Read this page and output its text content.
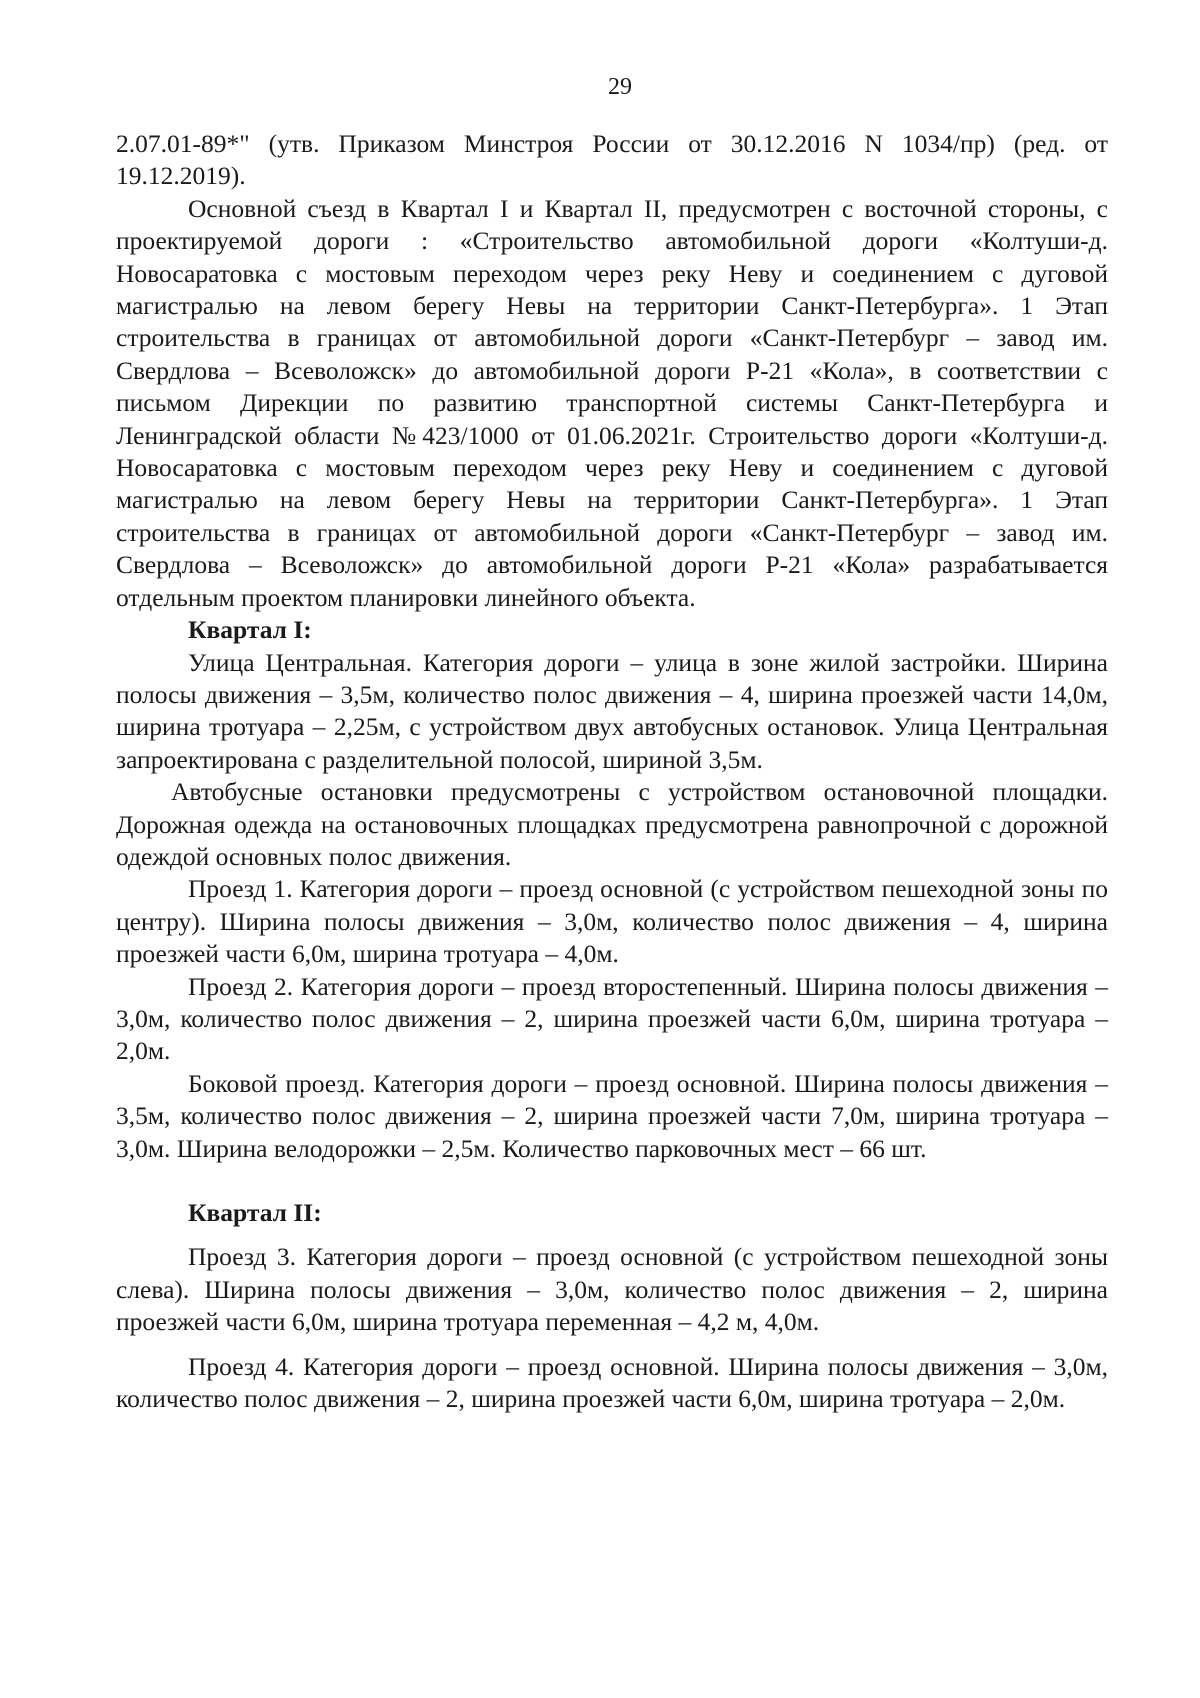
29

2.07.01-89*" (утв. Приказом Минстроя России от 30.12.2016 N 1034/пр) (ред. от 19.12.2019).

Основной съезд в Квартал I и Квартал II, предусмотрен с восточной стороны, с проектируемой дороги : «Строительство автомобильной дороги «Колтуши-д. Новосаратовка с мостовым переходом через реку Неву и соединением с дуговой магистралью на левом берегу Невы на территории Санкт-Петербурга». 1 Этап строительства в границах от автомобильной дороги «Санкт-Петербург – завод им. Свердлова – Всеволожск» до автомобильной дороги Р-21 «Кола», в соответствии с письмом Дирекции по развитию транспортной системы Санкт-Петербурга и Ленинградской области №423/1000 от 01.06.2021г. Строительство дороги «Колтуши-д. Новосаратовка с мостовым переходом через реку Неву и соединением с дуговой магистралью на левом берегу Невы на территории Санкт-Петербурга». 1 Этап строительства в границах от автомобильной дороги «Санкт-Петербург – завод им. Свердлова – Всеволожск» до автомобильной дороги Р-21 «Кола» разрабатывается отдельным проектом планировки линейного объекта.

Квартал I:

Улица Центральная. Категория дороги – улица в зоне жилой застройки. Ширина полосы движения – 3,5м, количество полос движения – 4, ширина проезжей части 14,0м, ширина тротуара – 2,25м, с устройством двух автобусных остановок. Улица Центральная запроектирована с разделительной полосой, шириной 3,5м.

Автобусные остановки предусмотрены с устройством остановочной площадки. Дорожная одежда на остановочных площадках предусмотрена равнопрочной с дорожной одеждой основных полос движения.

Проезд 1. Категория дороги – проезд основной (с устройством пешеходной зоны по центру). Ширина полосы движения – 3,0м, количество полос движения – 4, ширина проезжей части 6,0м, ширина тротуара – 4,0м.

Проезд 2. Категория дороги – проезд второстепенный. Ширина полосы движения – 3,0м, количество полос движения – 2, ширина проезжей части 6,0м, ширина тротуара – 2,0м.

Боковой проезд. Категория дороги – проезд основной. Ширина полосы движения – 3,5м, количество полос движения – 2, ширина проезжей части 7,0м, ширина тротуара – 3,0м. Ширина велодорожки – 2,5м. Количество парковочных мест – 66 шт.

Квартал II:

Проезд 3. Категория дороги – проезд основной (с устройством пешеходной зоны слева). Ширина полосы движения – 3,0м, количество полос движения – 2, ширина проезжей части 6,0м, ширина тротуара переменная – 4,2 м, 4,0м.

Проезд 4. Категория дороги – проезд основной. Ширина полосы движения – 3,0м, количество полос движения – 2, ширина проезжей части 6,0м, ширина тротуара – 2,0м.
